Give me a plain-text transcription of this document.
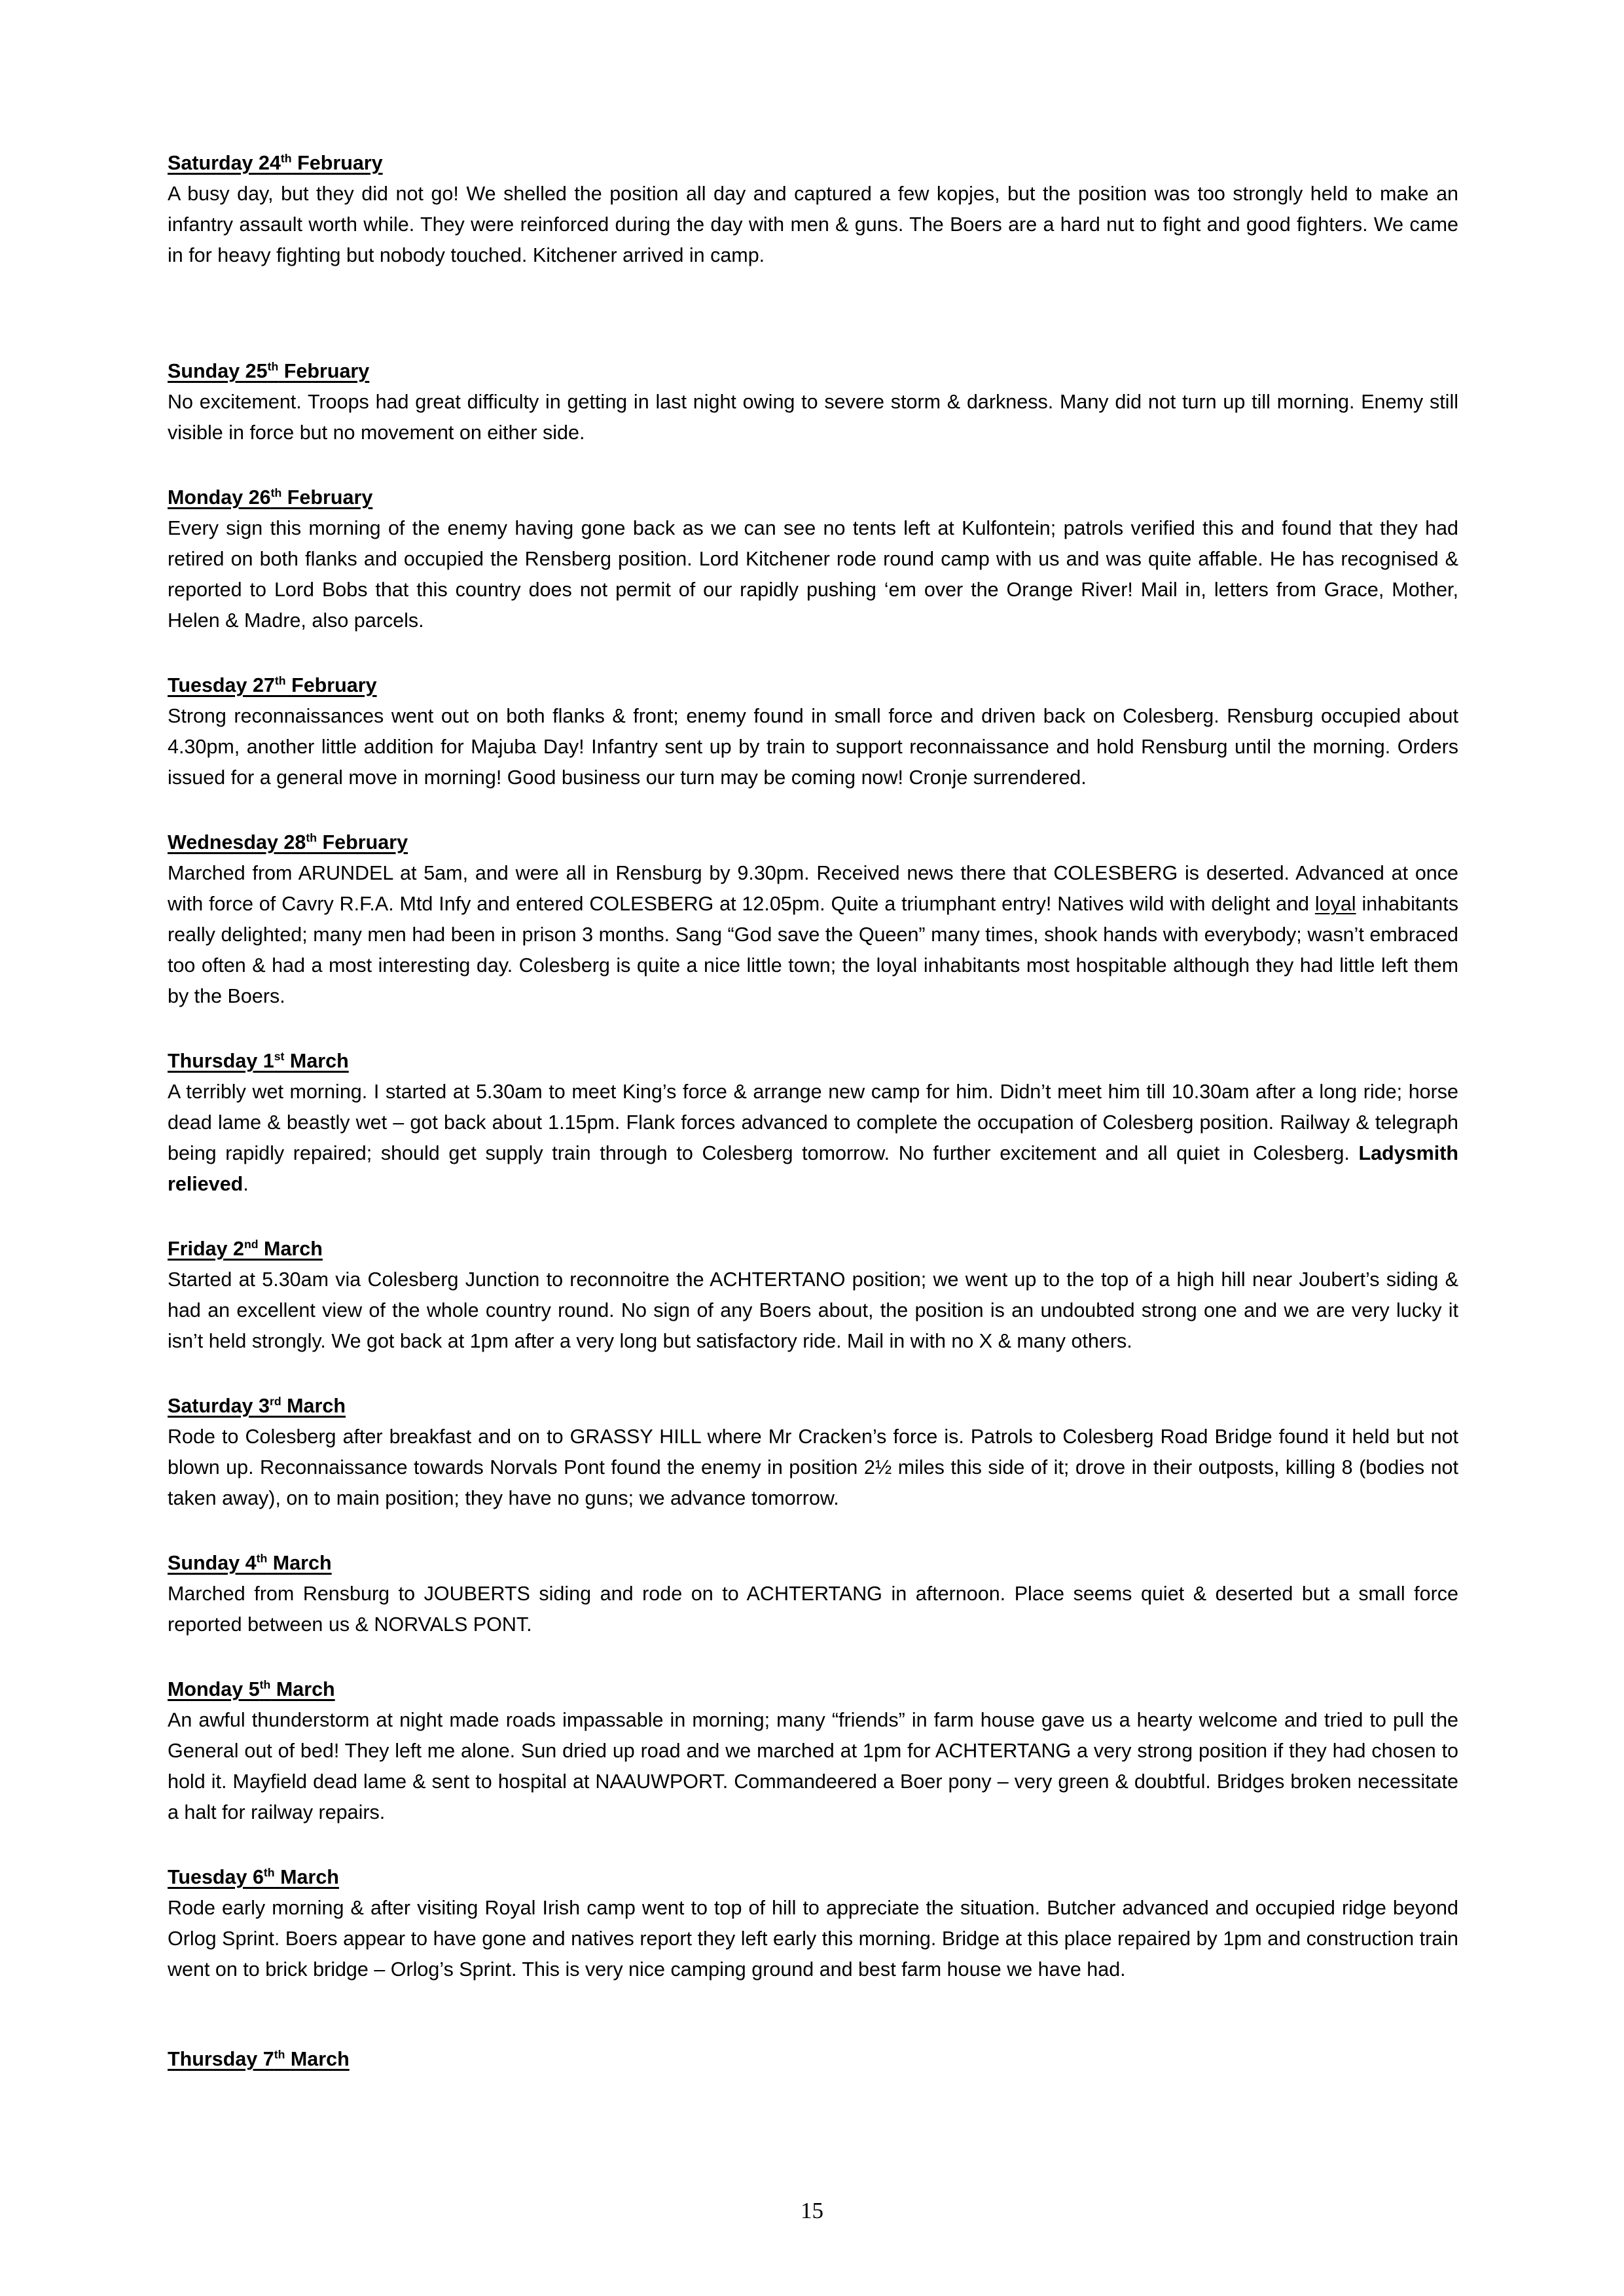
Saturday 24th February

A busy day, but they did not go! We shelled the position all day and captured a few kopjes, but the position was too strongly held to make an infantry assault worth while. They were reinforced during the day with men & guns. The Boers are a hard nut to fight and good fighters. We came in for heavy fighting but nobody touched. Kitchener arrived in camp.

Sunday 25th February

No excitement. Troops had great difficulty in getting in last night owing to severe storm & darkness. Many did not turn up till morning. Enemy still visible in force but no movement on either side.

Monday 26th February

Every sign this morning of the enemy having gone back as we can see no tents left at Kulfontein; patrols verified this and found that they had retired on both flanks and occupied the Rensberg position. Lord Kitchener rode round camp with us and was quite affable. He has recognised & reported to Lord Bobs that this country does not permit of our rapidly pushing ‘em over the Orange River! Mail in, letters from Grace, Mother, Helen & Madre, also parcels.

Tuesday 27th February

Strong reconnaissances went out on both flanks & front; enemy found in small force and driven back on Colesberg. Rensburg occupied about 4.30pm, another little addition for Majuba Day! Infantry sent up by train to support reconnaissance and hold Rensburg until the morning. Orders issued for a general move in morning! Good business our turn may be coming now! Cronje surrendered.

Wednesday 28th February

Marched from ARUNDEL at 5am, and were all in Rensburg by 9.30pm. Received news there that COLESBERG is deserted. Advanced at once with force of Cavry R.F.A. Mtd Infy and entered COLESBERG at 12.05pm. Quite a triumphant entry! Natives wild with delight and loyal inhabitants really delighted; many men had been in prison 3 months. Sang “God save the Queen” many times, shook hands with everybody; wasn’t embraced too often & had a most interesting day. Colesberg is quite a nice little town; the loyal inhabitants most hospitable although they had little left them by the Boers.

Thursday 1st March

A terribly wet morning. I started at 5.30am to meet King’s force & arrange new camp for him. Didn’t meet him till 10.30am after a long ride; horse dead lame & beastly wet – got back about 1.15pm. Flank forces advanced to complete the occupation of Colesberg position. Railway & telegraph being rapidly repaired; should get supply train through to Colesberg tomorrow. No further excitement and all quiet in Colesberg. Ladysmith relieved.

Friday 2nd March

Started at 5.30am via Colesberg Junction to reconnoitre the ACHTERTANO position; we went up to the top of a high hill near Joubert’s siding & had an excellent view of the whole country round. No sign of any Boers about, the position is an undoubted strong one and we are very lucky it isn’t held strongly. We got back at 1pm after a very long but satisfactory ride. Mail in with no X & many others.

Saturday 3rd March

Rode to Colesberg after breakfast and on to GRASSY HILL where Mr Cracken’s force is. Patrols to Colesberg Road Bridge found it held but not blown up. Reconnaissance towards Norvals Pont found the enemy in position 2½ miles this side of it; drove in their outposts, killing 8 (bodies not taken away), on to main position; they have no guns; we advance tomorrow.

Sunday 4th March

Marched from Rensburg to JOUBERTS siding and rode on to ACHTERTANG in afternoon. Place seems quiet & deserted but a small force reported between us & NORVALS PONT.

Monday 5th March

An awful thunderstorm at night made roads impassable in morning; many “friends” in farm house gave us a hearty welcome and tried to pull the General out of bed! They left me alone. Sun dried up road and we marched at 1pm for ACHTERTANG a very strong position if they had chosen to hold it. Mayfield dead lame & sent to hospital at NAAUWPORT. Commandeered a Boer pony – very green & doubtful. Bridges broken necessitate a halt for railway repairs.

Tuesday 6th March

Rode early morning & after visiting Royal Irish camp went to top of hill to appreciate the situation. Butcher advanced and occupied ridge beyond Orlog Sprint. Boers appear to have gone and natives report they left early this morning. Bridge at this place repaired by 1pm and construction train went on to brick bridge – Orlog’s Sprint. This is very nice camping ground and best farm house we have had.

Thursday 7th March
15
